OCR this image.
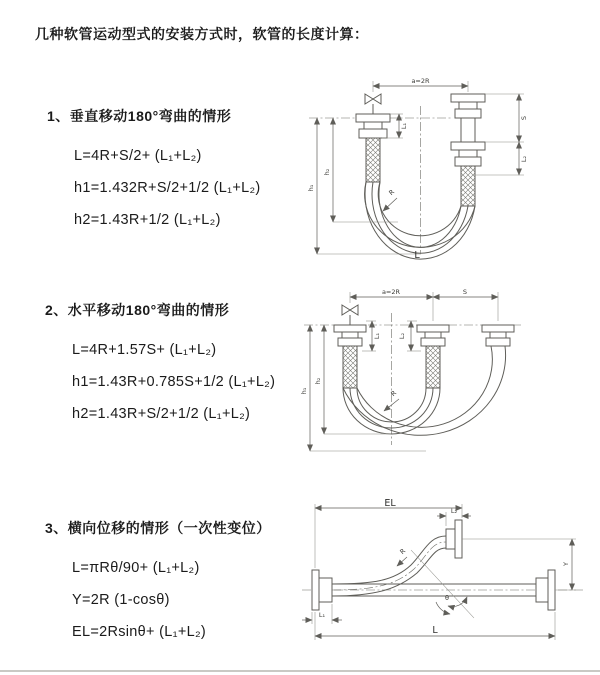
几种软管运动型式的安装方式时，软管的长度计算：

1、垂直移动180°弯曲的情形

L=4R+S/2+ (L₁+L₂)

h1=1.432R+S/2+1/2 (L₁+L₂)

h2=1.43R+1/2 (L₁+L₂)

2、水平移动180°弯曲的情形

L=4R+1.57S+ (L₁+L₂)

h1=1.43R+0.785S+1/2 (L₁+L₂)

h2=1.43R+S/2+1/2 (L₁+L₂)

3、横向位移的情形（一次性变位）

L=πRθ/90+ (L₁+L₂)

Y=2R (1-cosθ)

EL=2Rsinθ+ (L₁+L₂)

a=2R
L₁
S
L₂
h₁
h₂
R
L
a=2R	S
L₁	L₂
h₁
h₂
R
EL
L₂
Y
L
L₁
R
θ
